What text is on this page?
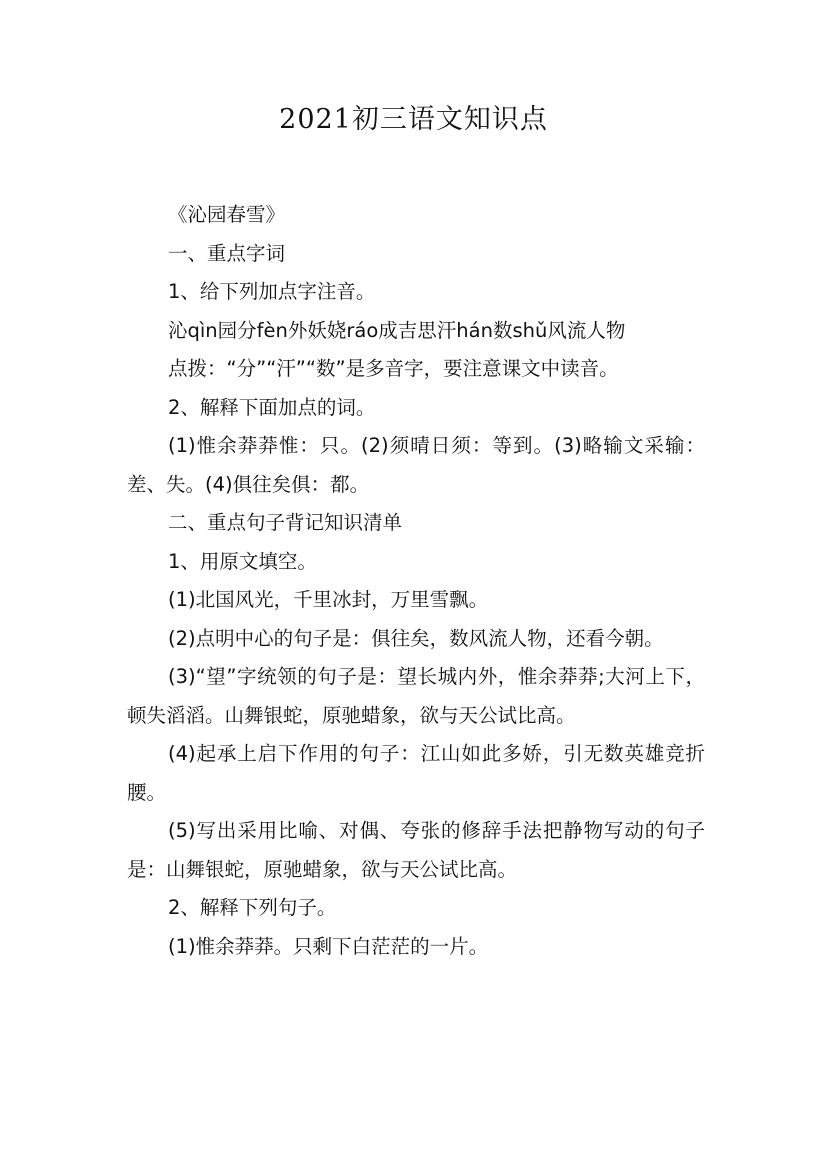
2021初三语文知识点

《沁园春雪》

一、重点字词

1、给下列加点字注音。

沁qìn园分fèn外妖娆ráo成吉思汗hán数shǔ风流人物

点拨：“分”“汗”“数”是多音字，要注意课文中读音。

2、解释下面加点的词。

(1)惟余莽莽惟：只。(2)须晴日须：等到。(3)略输文采输：差、失。(4)俱往矣俱：都。

二、重点句子背记知识清单

1、用原文填空。

(1)北国风光，千里冰封，万里雪飘。

(2)点明中心的句子是：俱往矣，数风流人物，还看今朝。

(3)“望”字统领的句子是：望长城内外，惟余莽莽;大河上下，顿失滔滔。山舞银蛇，原驰蜡象，欲与天公试比高。

(4)起承上启下作用的句子：江山如此多娇，引无数英雄竞折腰。

(5)写出采用比喻、对偶、夸张的修辞手法把静物写动的句子是：山舞银蛇，原驰蜡象，欲与天公试比高。

2、解释下列句子。

(1)惟余莽莽。只剩下白茫茫的一片。
